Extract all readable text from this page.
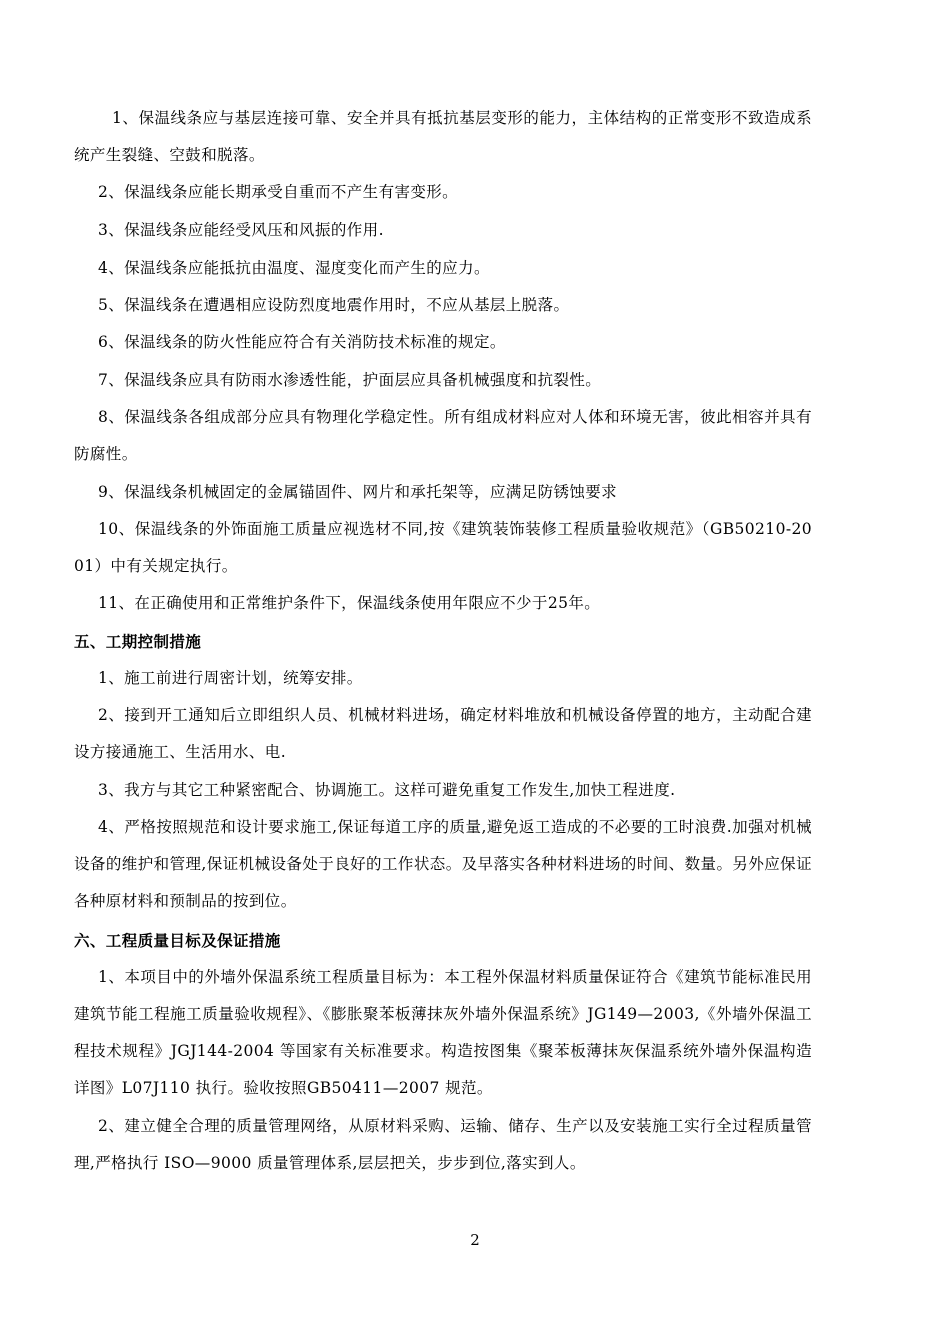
1、保温线条应与基层连接可靠、安全并具有抵抗基层变形的能力，主体结构的正常变形不致造成系统产生裂缝、空鼓和脱落。

2、保温线条应能长期承受自重而不产生有害变形。

3、保温线条应能经受风压和风振的作用.

4、保温线条应能抵抗由温度、湿度变化而产生的应力。

5、保温线条在遭遇相应设防烈度地震作用时，不应从基层上脱落。

6、保温线条的防火性能应符合有关消防技术标准的规定。

7、保温线条应具有防雨水渗透性能，护面层应具备机械强度和抗裂性。

8、保温线条各组成部分应具有物理化学稳定性。所有组成材料应对人体和环境无害，彼此相容并具有防腐性。

9、保温线条机械固定的金属锚固件、网片和承托架等，应满足防锈蚀要求

10、保温线条的外饰面施工质量应视选材不同,按《建筑装饰装修工程质量验收规范》（GB50210-2001）中有关规定执行。

11、在正确使用和正常维护条件下，保温线条使用年限应不少于25年。

五、工期控制措施

1、施工前进行周密计划，统筹安排。

2、接到开工通知后立即组织人员、机械材料进场，确定材料堆放和机械设备停置的地方，主动配合建设方接通施工、生活用水、电.

3、我方与其它工种紧密配合、协调施工。这样可避免重复工作发生,加快工程进度.

4、严格按照规范和设计要求施工,保证每道工序的质量,避免返工造成的不必要的工时浪费.加强对机械设备的维护和管理,保证机械设备处于良好的工作状态。及早落实各种材料进场的时间、数量。另外应保证各种原材料和预制品的按到位。

六、工程质量目标及保证措施

1、本项目中的外墙外保温系统工程质量目标为：本工程外保温材料质量保证符合《建筑节能标准民用建筑节能工程施工质量验收规程》、《膨胀聚苯板薄抹灰外墙外保温系统》JG149—2003,《外墙外保温工程技术规程》JGJ144-2004 等国家有关标准要求。构造按图集《聚苯板薄抹灰保温系统外墙外保温构造详图》L07J110 执行。验收按照GB50411—2007 规范。

2、建立健全合理的质量管理网络，从原材料采购、运输、储存、生产以及安装施工实行全过程质量管理,严格执行 ISO—9000 质量管理体系,层层把关，步步到位,落实到人。

2
